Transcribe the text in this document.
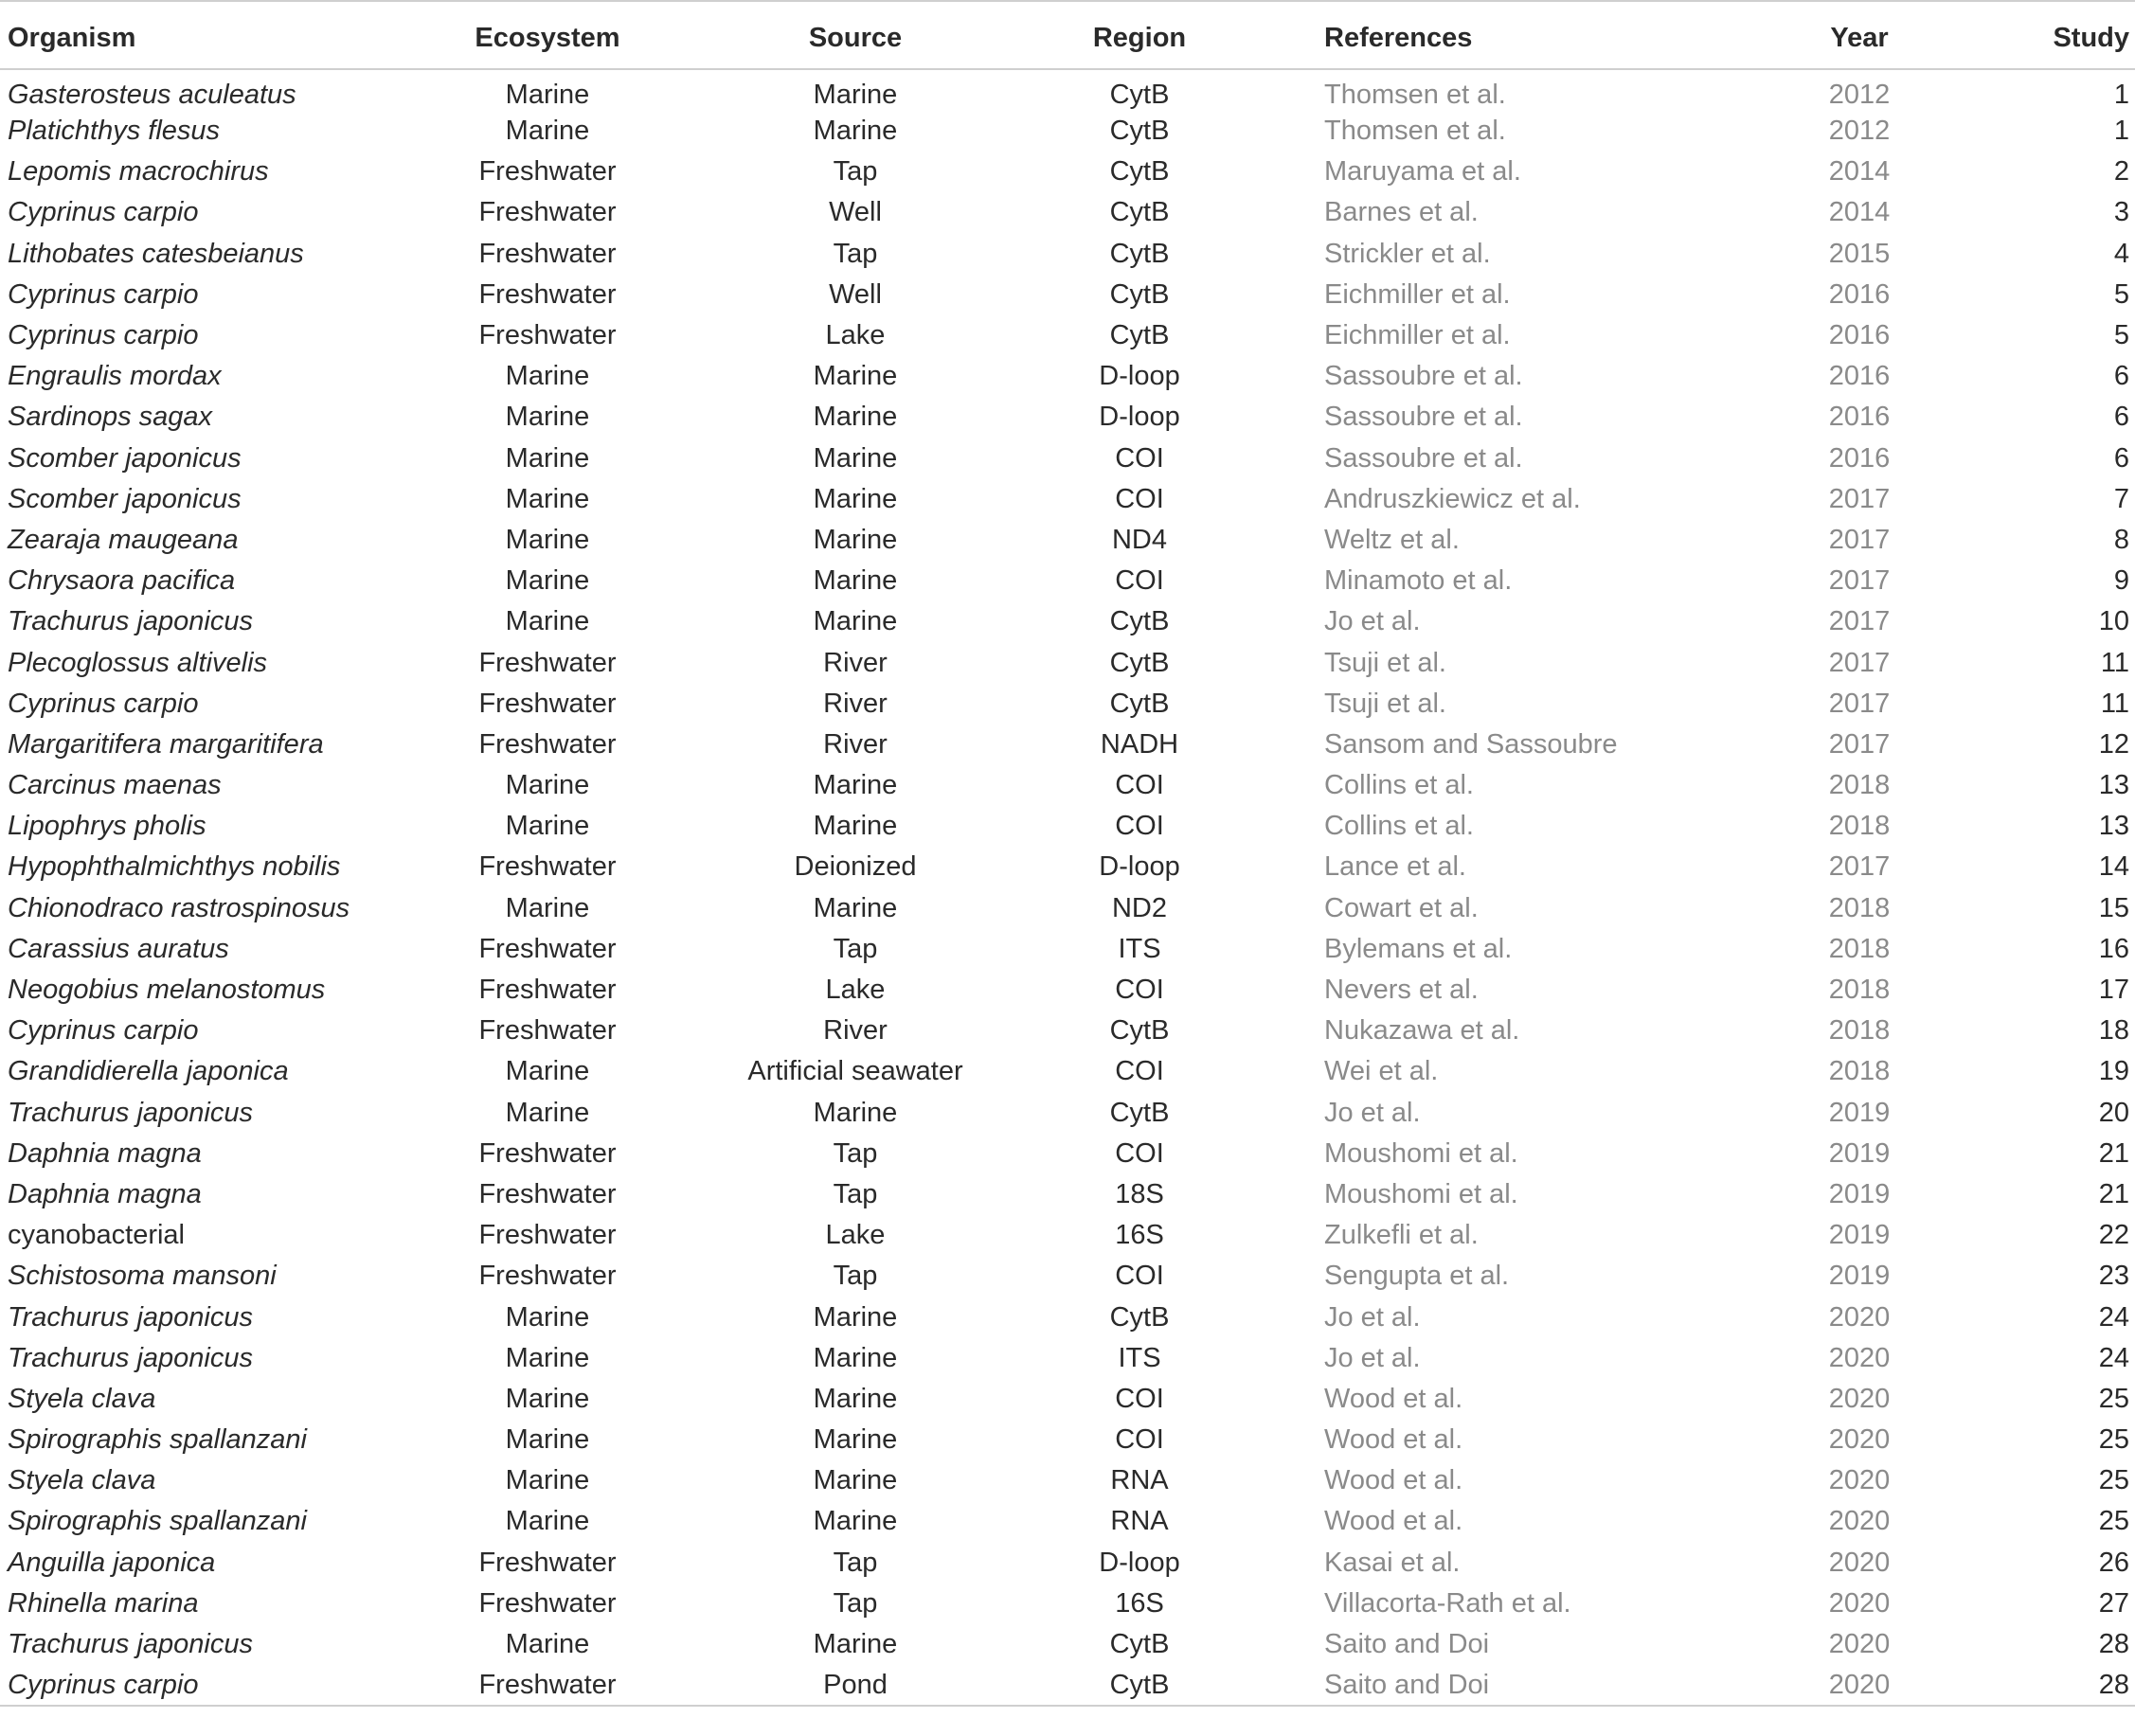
Organism	Ecosystem	Source	Region	References	Year	Study
Gasterosteus aculeatus	Marine	Marine	CytB	Thomsen et al.	2012	1
Platichthys flesus	Marine	Marine	CytB	Thomsen et al.	2012	1
Lepomis macrochirus	Freshwater	Tap	CytB	Maruyama et al.	2014	2
Cyprinus carpio	Freshwater	Well	CytB	Barnes et al.	2014	3
Lithobates catesbeianus	Freshwater	Tap	CytB	Strickler et al.	2015	4
Cyprinus carpio	Freshwater	Well	CytB	Eichmiller et al.	2016	5
Cyprinus carpio	Freshwater	Lake	CytB	Eichmiller et al.	2016	5
Engraulis mordax	Marine	Marine	D-loop	Sassoubre et al.	2016	6
Sardinops sagax	Marine	Marine	D-loop	Sassoubre et al.	2016	6
Scomber japonicus	Marine	Marine	COI	Sassoubre et al.	2016	6
Scomber japonicus	Marine	Marine	COI	Andruszkiewicz et al.	2017	7
Zearaja maugeana	Marine	Marine	ND4	Weltz et al.	2017	8
Chrysaora pacifica	Marine	Marine	COI	Minamoto et al.	2017	9
Trachurus japonicus	Marine	Marine	CytB	Jo et al.	2017	10
Plecoglossus altivelis	Freshwater	River	CytB	Tsuji et al.	2017	11
Cyprinus carpio	Freshwater	River	CytB	Tsuji et al.	2017	11
Margaritifera margaritifera	Freshwater	River	NADH	Sansom and Sassoubre	2017	12
Carcinus maenas	Marine	Marine	COI	Collins et al.	2018	13
Lipophrys pholis	Marine	Marine	COI	Collins et al.	2018	13
Hypophthalmichthys nobilis	Freshwater	Deionized	D-loop	Lance et al.	2017	14
Chionodraco rastrospinosus	Marine	Marine	ND2	Cowart et al.	2018	15
Carassius auratus	Freshwater	Tap	ITS	Bylemans et al.	2018	16
Neogobius melanostomus	Freshwater	Lake	COI	Nevers et al.	2018	17
Cyprinus carpio	Freshwater	River	CytB	Nukazawa et al.	2018	18
Grandidierella japonica	Marine	Artificial seawater	COI	Wei et al.	2018	19
Trachurus japonicus	Marine	Marine	CytB	Jo et al.	2019	20
Daphnia magna	Freshwater	Tap	COI	Moushomi et al.	2019	21
Daphnia magna	Freshwater	Tap	18S	Moushomi et al.	2019	21
cyanobacterial	Freshwater	Lake	16S	Zulkefli et al.	2019	22
Schistosoma mansoni	Freshwater	Tap	COI	Sengupta et al.	2019	23
Trachurus japonicus	Marine	Marine	CytB	Jo et al.	2020	24
Trachurus japonicus	Marine	Marine	ITS	Jo et al.	2020	24
Styela clava	Marine	Marine	COI	Wood et al.	2020	25
Spirographis spallanzani	Marine	Marine	COI	Wood et al.	2020	25
Styela clava	Marine	Marine	RNA	Wood et al.	2020	25
Spirographis spallanzani	Marine	Marine	RNA	Wood et al.	2020	25
Anguilla japonica	Freshwater	Tap	D-loop	Kasai et al.	2020	26
Rhinella marina	Freshwater	Tap	16S	Villacorta-Rath et al.	2020	27
Trachurus japonicus	Marine	Marine	CytB	Saito and Doi	2020	28
Cyprinus carpio	Freshwater	Pond	CytB	Saito and Doi	2020	28
